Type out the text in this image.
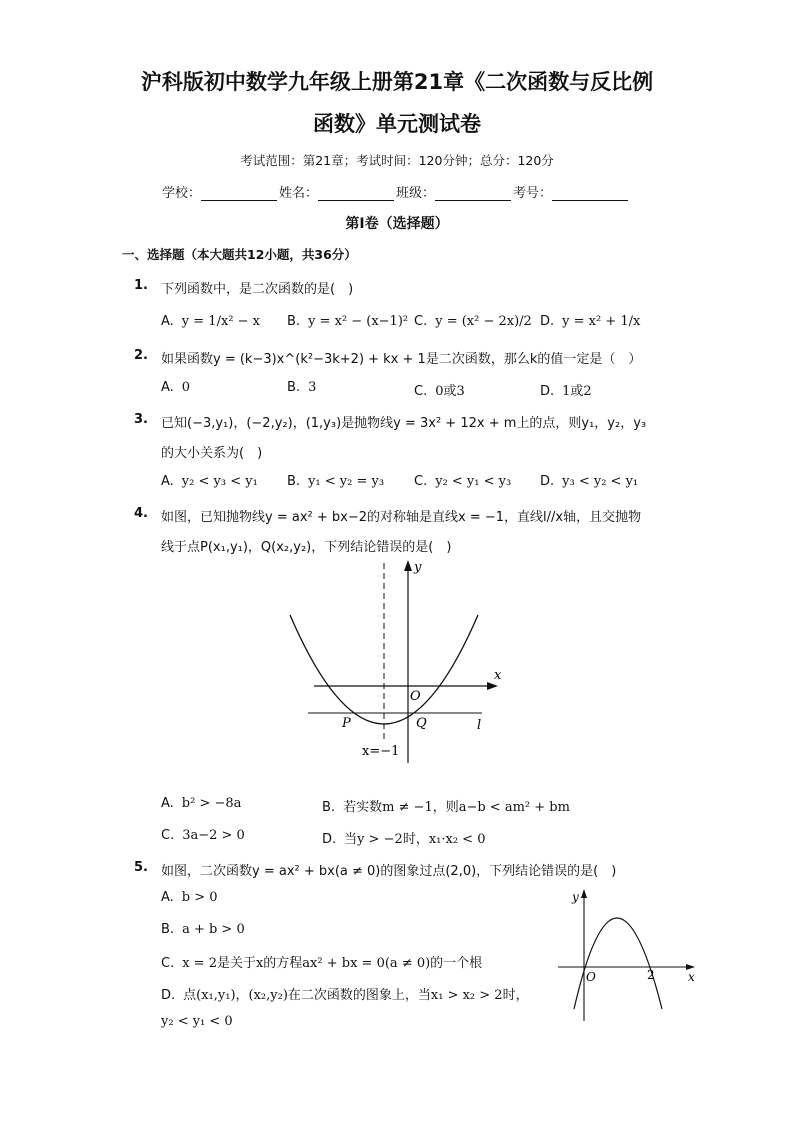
沪科版初中数学九年级上册第21章《二次函数与反比例
函数》单元测试卷
考试范围：第21章；考试时间：120分钟；总分：120分
学校：	姓名：	班级：	考号：
第I卷（选择题）
一、选择题（本大题共12小题，共36分）
1. 下列函数中，是二次函数的是(　)
A. y = 1/x² − x B. y = x² − (x−1)² C. y = (x² − 2x)/2 D. y = x² + 1/x
2. 如果函数y = (k−3)x^(k²−3k+2) + kx + 1是二次函数，那么k的值一定是（　）
A. 0	B. 3	C. 0或3	D. 1或2
3. 已知(−3,y₁)，(−2,y₂)，(1,y₃)是抛物线y = 3x² + 12x + m上的点，则y₁，y₂，y₃
的大小关系为(　)
A. y₂ < y₃ < y₁ B. y₁ < y₂ = y₃ C. y₂ < y₁ < y₃ D. y₃ < y₂ < y₁
4. 如图，已知抛物线y = ax² + bx−2的对称轴是直线x = −1，直线l//x轴，且交抛物
线于点P(x₁,y₁)，Q(x₂,y₂)，下列结论错误的是(　)
y
x
O
P	Q	l
x=−1
A. b² > −8a	B. 若实数m ≠ −1，则a−b < am² + bm
C. 3a−2 > 0	D. 当y > −2时，x₁·x₂ < 0
5. 如图，二次函数y = ax² + bx(a ≠ 0)的图象过点(2,0)，下列结论错误的是(　)
A. b > 0
B. a + b > 0
C. x = 2是关于x的方程ax² + bx = 0(a ≠ 0)的一个根
D. 点(x₁,y₁)，(x₂,y₂)在二次函数的图象上，当x₁ > x₂ > 2时，
y₂ < y₁ < 0
y
x
O	2
